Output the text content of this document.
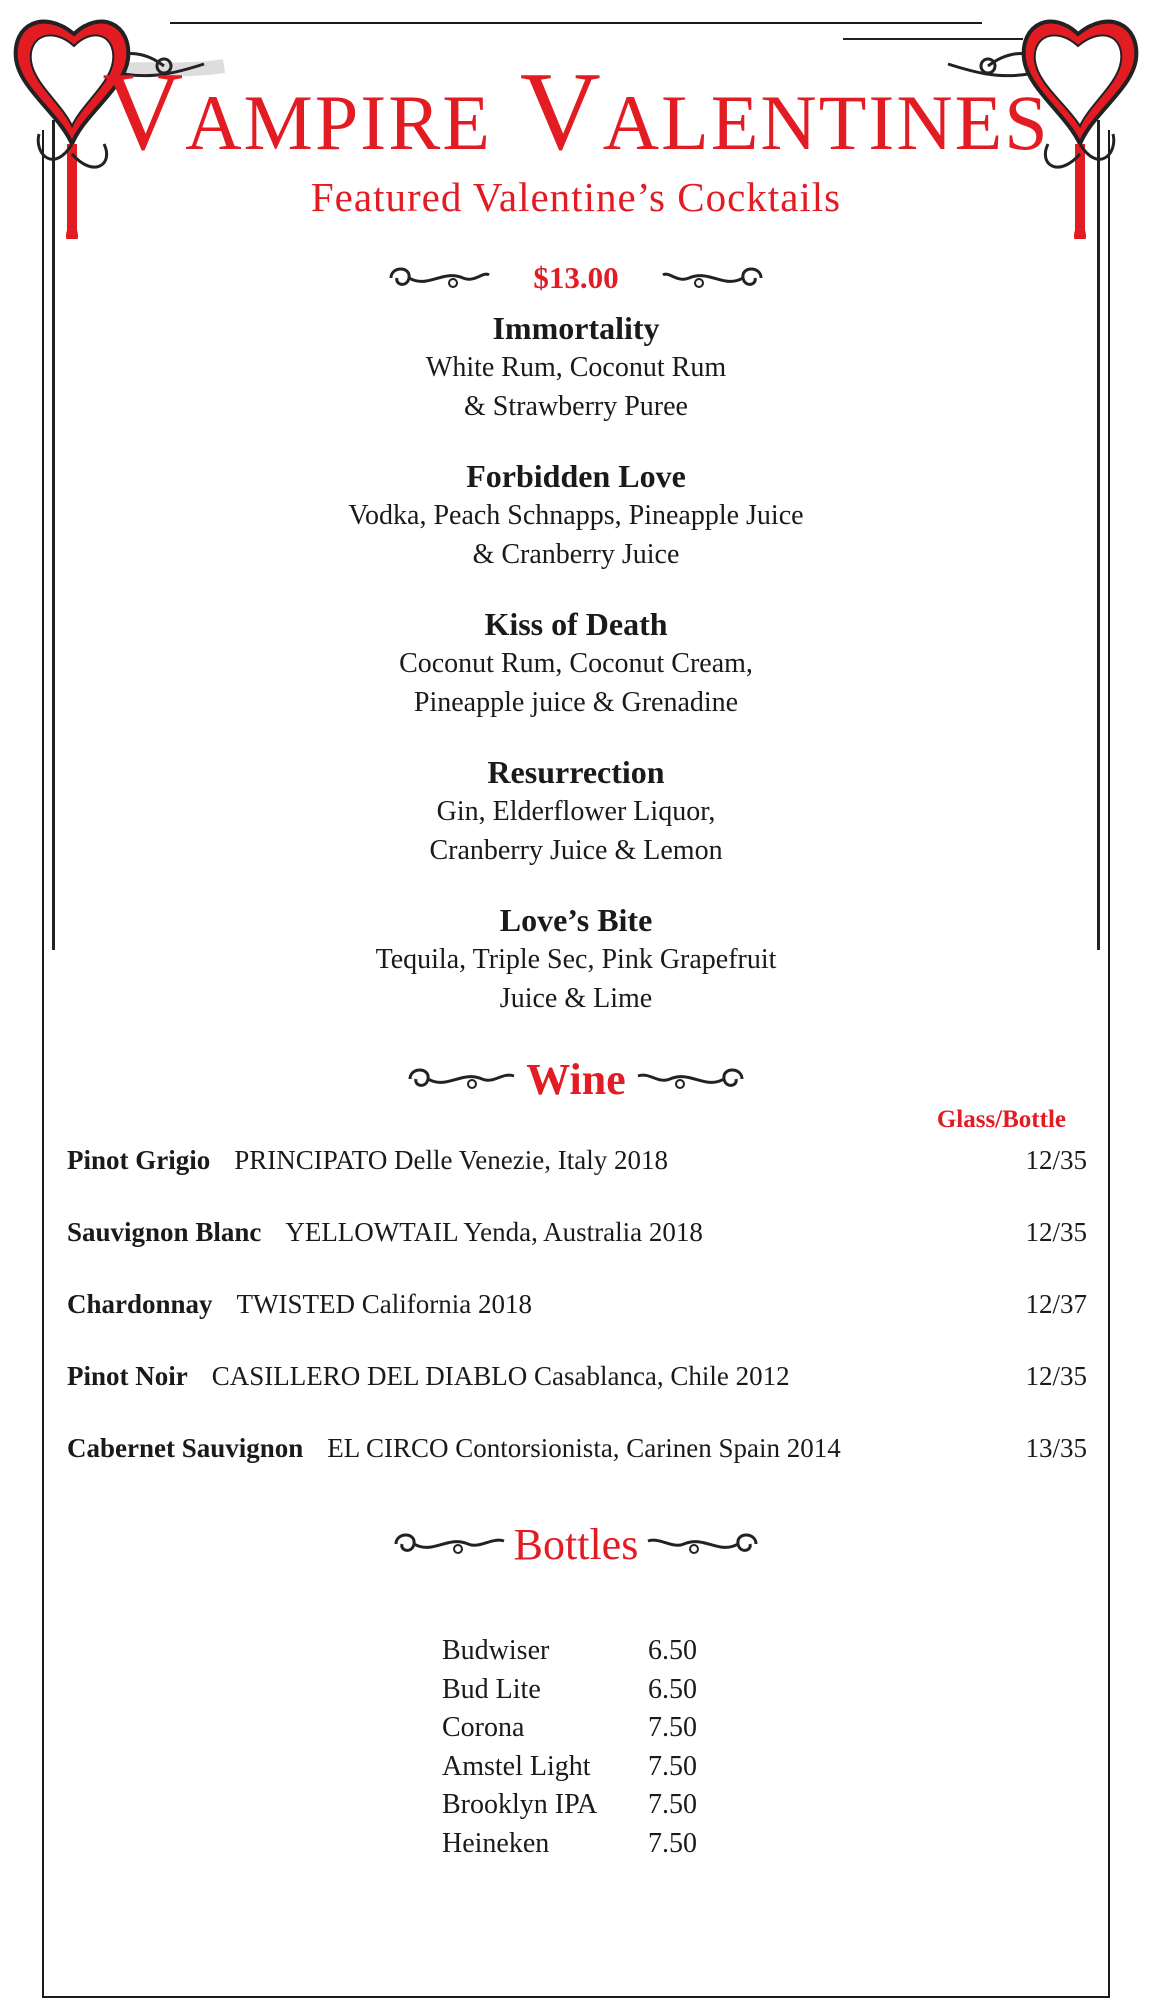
Vampire Valentines
Featured Valentine’s Cocktails
$13.00
Immortality
White Rum, Coconut Rum
& Strawberry Puree
Forbidden Love
Vodka, Peach Schnapps, Pineapple Juice
& Cranberry Juice
Kiss of Death
Coconut Rum, Coconut Cream,
Pineapple juice & Grenadine
Resurrection
Gin, Elderflower Liquor,
Cranberry Juice & Lemon
Love’s Bite
Tequila, Triple Sec, Pink Grapefruit
Juice & Lime
Wine
Glass/Bottle
Pinot Grigio PRINCIPATO Delle Venezie, Italy 2018	12/35
Sauvignon Blanc YELLOWTAIL Yenda, Australia 2018	12/35
Chardonnay TWISTED California 2018	12/37
Pinot Noir CASILLERO DEL DIABLO Casablanca, Chile 2012	12/35
Cabernet Sauvignon EL CIRCO Contorsionista, Carinen Spain 2014	13/35
Bottles
Budwiser	6.50
Bud Lite	6.50
Corona	7.50
Amstel Light	7.50
Brooklyn IPA	7.50
Heineken	7.50
